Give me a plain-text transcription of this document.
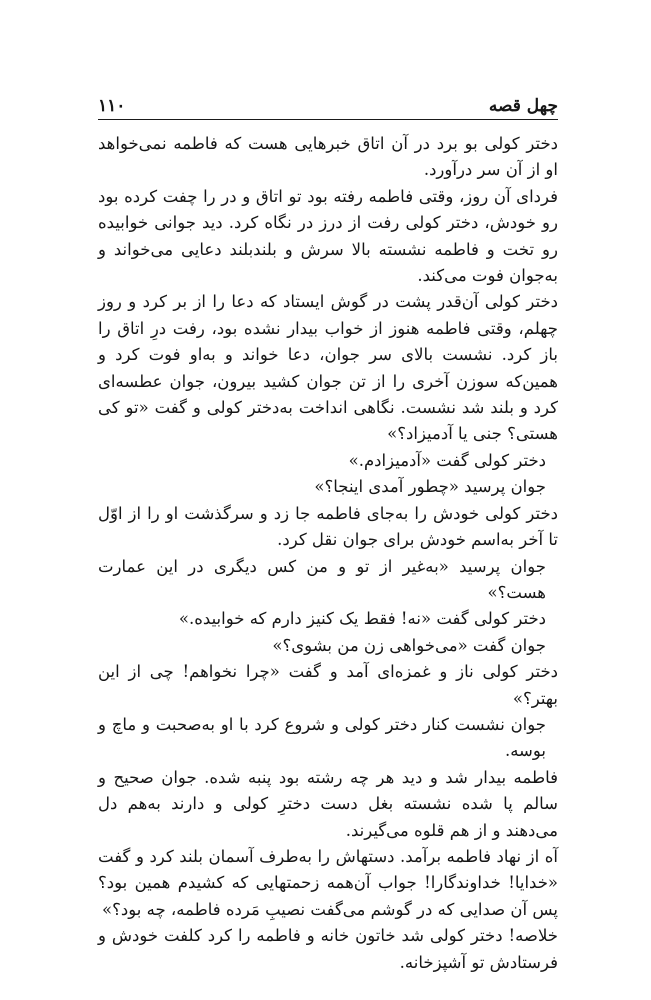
۱۱۰	چهل قصه

دختر کولی بو برد در آن اتاق خبرهایی هست که فاطمه نمی‌خواهد او از آن سر درآورد.

فردای آن روز، وقتی فاطمه رفته بود تو اتاق و در را چفت کرده بود رو خودش، دختر کولی رفت از درز در نگاه کرد. دید جوانی خوابیده رو تخت و فاطمه نشسته بالا سرش و بلندبلند دعایی می‌خواند و به‌جوان فوت می‌کند.

دختر کولی آن‌قدر پشت در گوش ایستاد که دعا را از بر کرد و روز چهلم، وقتی فاطمه هنوز از خواب بیدار نشده بود، رفت درِ اتاق را باز کرد. نشست بالای سر جوان، دعا خواند و به‌او فوت کرد و همین‌که سوزن آخری را از تن جوان کشید بیرون، جوان عطسه‌ای کرد و بلند شد نشست. نگاهی انداخت به‌دختر کولی و گفت «تو کی هستی؟ جنی یا آدمیزاد؟»

دختر کولی گفت «آدمیزادم.»

جوان پرسید «چطور آمدی اینجا؟»

دختر کولی خودش را به‌جای فاطمه جا زد و سرگذشت او را از اوّل تا آخر به‌اسم خودش برای جوان نقل کرد.

جوان پرسید «به‌غیر از تو و من کس دیگری در این عمارت هست؟»

دختر کولی گفت «نه! فقط یک کنیز دارم که خوابیده.»

جوان گفت «می‌خواهی زن من بشوی؟»

دختر کولی ناز و غمزه‌ای آمد و گفت «چرا نخواهم! چی از این بهتر؟»

جوان نشست کنار دختر کولی و شروع کرد با او به‌صحبت و ماچ و بوسه.

فاطمه بیدار شد و دید هر چه رشته بود پنبه شده. جوان صحیح و سالم پا شده نشسته بغل دست دخترِ کولی و دارند به‌هم دل می‌دهند و از هم قلوه می‌گیرند.

آه از نهاد فاطمه برآمد. دستهاش را به‌طرف آسمان بلند کرد و گفت «خدایا! خداوندگارا! جواب آن‌همه زحمتهایی که کشیدم همین بود؟ پس آن صدایی که در گوشم می‌گفت نصیبِ مَرده فاطمه، چه بود؟»

خلاصه! دختر کولی شد خاتون خانه و فاطمه را کرد کلفت خودش و فرستادش تو آشپزخانه.
